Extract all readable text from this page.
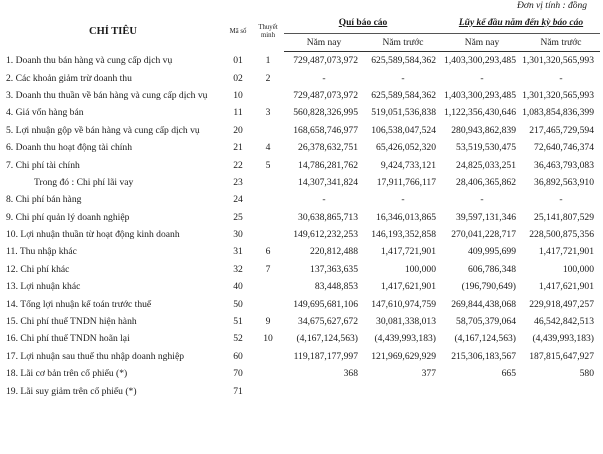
Đơn vị tính : đồng
CHỈ TIÊU	Mã số	Thuyết minh	Quí báo cáo		Lũy kế đầu năm đến kỳ báo cáo	
			Năm nay	Năm trước	Năm nay	Năm trước
1. Doanh thu bán hàng và cung cấp dịch vụ	01	1	729,487,073,972	625,589,584,362	1,403,300,293,485	1,301,320,565,993
2. Các khoản giảm trừ doanh thu	02	2	-	-	-	-
3. Doanh thu thuần về bán hàng và cung cấp dịch vụ	10		729,487,073,972	625,589,584,362	1,403,300,293,485	1,301,320,565,993
4. Giá vốn hàng bán	11	3	560,828,326,995	519,051,536,838	1,122,356,430,646	1,083,854,836,399
5. Lợi nhuận gộp về bán hàng và cung cấp dịch vụ	20		168,658,746,977	106,538,047,524	280,943,862,839	217,465,729,594
6. Doanh thu hoạt động tài chính	21	4	26,378,632,751	65,426,052,320	53,519,530,475	72,640,746,374
7. Chi phí tài chính	22	5	14,786,281,762	9,424,733,121	24,825,033,251	36,463,793,083
Trong đó : Chi phí lãi vay	23		14,307,341,824	17,911,766,117	28,406,365,862	36,892,563,910
8. Chi phí bán hàng	24		-	-	-	-
9. Chi phí quản lý doanh nghiệp	25		30,638,865,713	16,346,013,865	39,597,131,346	25,141,807,529
10. Lợi nhuận thuần từ hoạt động kinh doanh	30		149,612,232,253	146,193,352,858	270,041,228,717	228,500,875,356
11. Thu nhập khác	31	6	220,812,488	1,417,721,901	409,995,699	1,417,721,901
12. Chi phí khác	32	7	137,363,635	100,000	606,786,348	100,000
13. Lợi nhuận khác	40		83,448,853	1,417,621,901	(196,790,649)	1,417,621,901
14. Tổng lợi nhuận kế toán trước thuế	50		149,695,681,106	147,610,974,759	269,844,438,068	229,918,497,257
15. Chi phí thuế TNDN hiện hành	51	9	34,675,627,672	30,081,338,013	58,705,379,064	46,542,842,513
16. Chi phí thuế TNDN hoãn lại	52	10	(4,167,124,563)	(4,439,993,183)	(4,167,124,563)	(4,439,993,183)
17. Lợi nhuận sau thuế thu nhập doanh nghiệp	60		119,187,177,997	121,969,629,929	215,306,183,567	187,815,647,927
18. Lãi cơ bản trên cổ phiếu (*)	70		368	377	665	580
19. Lãi suy giảm trên cổ phiếu (*)	71					
